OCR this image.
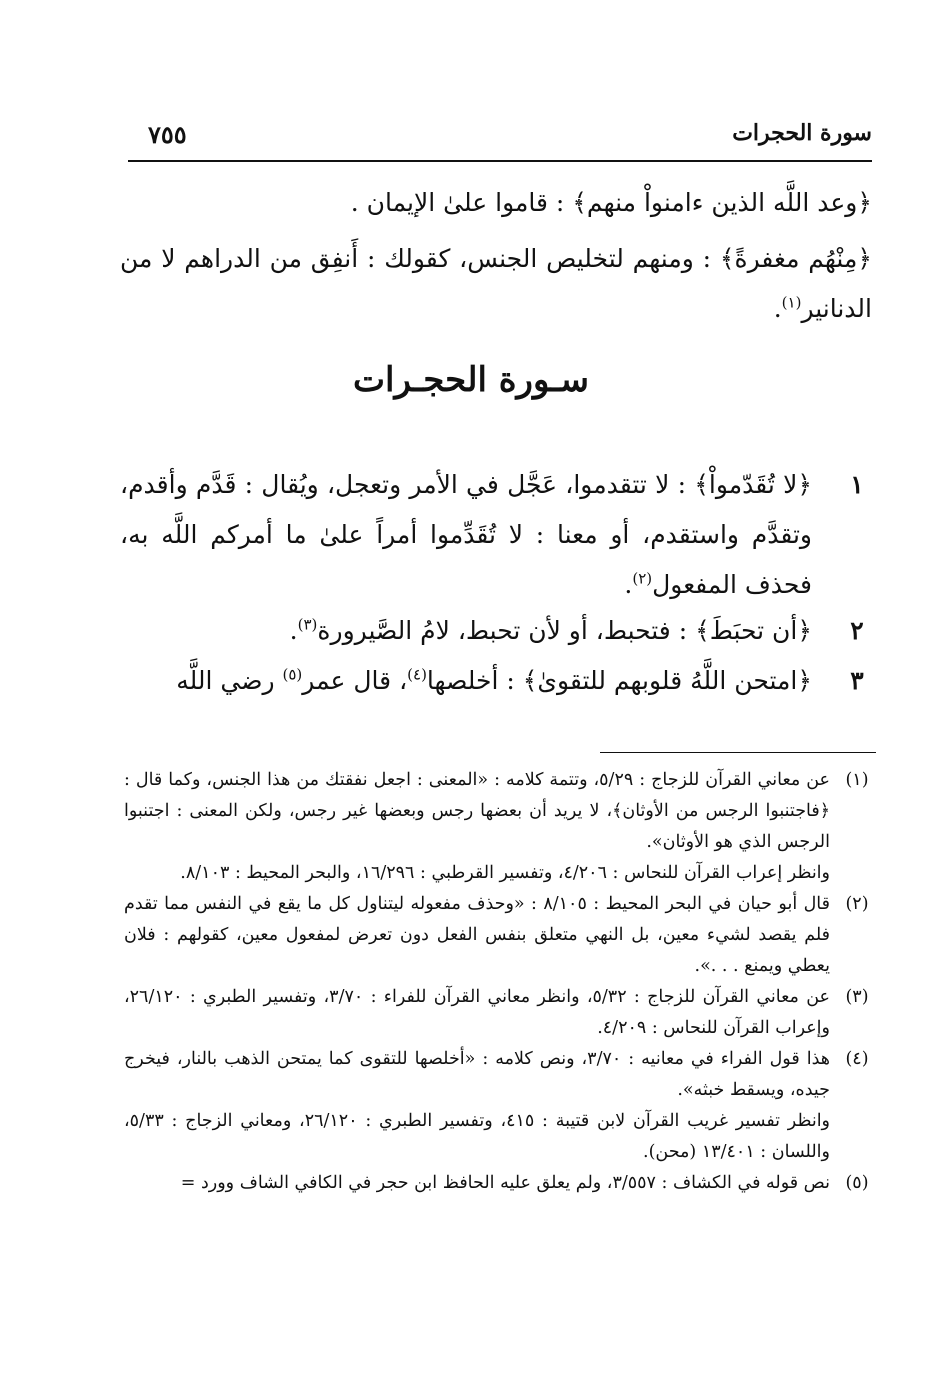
سورة الحجرات
٧٥٥
﴿وعد اللَّه الذين ءامنواْ منهم﴾ : قاموا علىٰ الإيمان .
﴿مِنْهُم مغفرةً﴾ : ومنهم لتخليص الجنس، كقولك : أَنفِق من الدراهم لا من الدنانير$^{(١)}$.
سـورة الحجـرات
١
﴿لا تُقَدّمواْ﴾ : لا تتقدموا، عَجَّل في الأمر وتعجل، ويُقال : قَدَّم وأقدم، وتقدَّم واستقدم، أو معنا : لا تُقَدِّموا أمراً علىٰ ما أمركم اللَّه به، فحذف المفعول$^{(٢)}$.
٢
﴿أن تحبَطَ﴾ : فتحبط، أو لأن تحبط، لامُ الصَّيرورة$^{(٣)}$.
٣
﴿امتحن اللَّهُ قلوبهم للتقوىٰ﴾ : أخلصها$^{(٤)}$، قال عمر$^{(٥)}$ رضي اللَّه
(١)
عن معاني القرآن للزجاج : ٥/٢٩، وتتمة كلامه : «المعنى : اجعل نفقتك من هذا الجنس، وكما قال : ﴿فاجتنبوا الرجس من الأوثان﴾، لا يريد أن بعضها رجس وبعضها غير رجس، ولكن المعنى : اجتنبوا الرجس الذي هو الأوثان».
وانظر إعراب القرآن للنحاس : ٤/٢٠٦، وتفسير القرطبي : ١٦/٢٩٦، والبحر المحيط : ٨/١٠٣.
(٢)
قال أبو حيان في البحر المحيط : ٨/١٠٥ : «وحذف مفعوله ليتناول كل ما يقع في النفس مما تقدم فلم يقصد لشيء معين، بل النهي متعلق بنفس الفعل دون تعرض لمفعول معين، كقولهم : فلان يعطي ويمنع . . .».
(٣)
عن معاني القرآن للزجاج : ٥/٣٢، وانظر معاني القرآن للفراء : ٣/٧٠، وتفسير الطبري : ٢٦/١٢٠، وإعراب القرآن للنحاس : ٤/٢٠٩.
(٤)
هذا قول الفراء في معانيه : ٣/٧٠، ونص كلامه : «أخلصها للتقوى كما يمتحن الذهب بالنار، فيخرج جيده، ويسقط خبثه».
وانظر تفسير غريب القرآن لابن قتيبة : ٤١٥، وتفسير الطبري : ٢٦/١٢٠، ومعاني الزجاج : ٥/٣٣، واللسان : ١٣/٤٠١ (محن).
(٥)
نص قوله في الكشاف : ٣/٥٥٧، ولم يعلق عليه الحافظ ابن حجر في الكافي الشاف وورد =
